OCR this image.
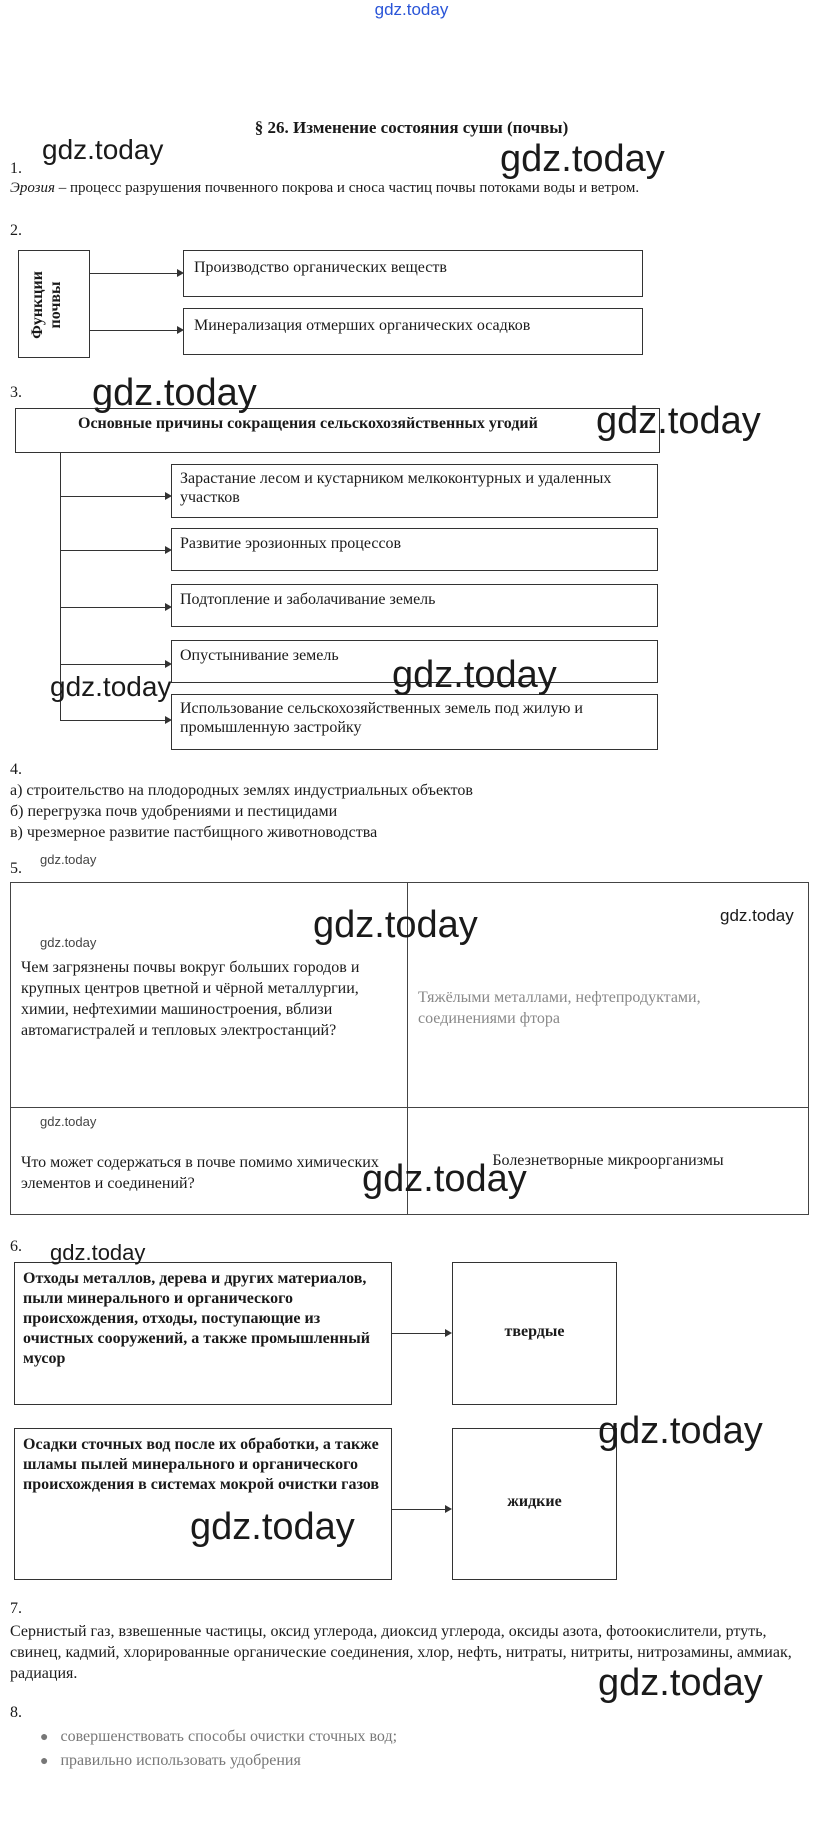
gdz.today
§ 26. Изменение состояния суши (почвы)
1.
Эрозия – процесс разрушения почвенного покрова и сноса частиц почвы потоками воды и ветром.
2.
Функции почвы
Производство органических веществ
Минерализация отмерших органических осадков
3.
Основные причины сокращения сельскохозяйственных угодий
Зарастание лесом и кустарником мелкоконтурных и удаленных участков
Развитие эрозионных процессов
Подтопление и заболачивание земель
Опустынивание земель
Использование сельскохозяйственных земель под жилую и промышленную застройку
4.
а) строительство на плодородных землях индустриальных объектов
б) перегрузка почв удобрениями и пестицидами
в) чрезмерное развитие пастбищного животноводства
5.
Чем загрязнены почвы вокруг больших городов и крупных центров цветной и чёрной металлургии, химии, нефтехимии машиностроения, вблизи автомагистралей и тепловых электростанций?
Тяжёлыми металлами, нефтепродуктами, соединениями фтора
Что может содержаться в почве помимо химических элементов и соединений?
Болезнетворные микроорганизмы
6.
Отходы металлов, дерева и других материалов, пыли минерального и органического происхождения, отходы, поступающие из очистных сооружений, а также промышленный мусор
твердые
Осадки сточных вод после их обработки, а также шламы пылей минерального и органического происхождения в системах мокрой очистки газов
жидкие
7.
Сернистый газ, взвешенные частицы, оксид углерода, диоксид углерода, оксиды азота, фотоокислители, ртуть, свинец, кадмий, хлорированные органические соединения, хлор, нефть, нитраты, нитриты, нитрозамины, аммиак, радиация.
8.
● совершенствовать способы очистки сточных вод;
● правильно использовать удобрения
gdz.today	gdz.today
gdz.today
gdz.today
gdz.today
gdz.today
gdz.today
gdz.today
gdz.today
gdz.today
gdz.today
gdz.today
gdz.today
gdz.today
gdz.today
gdz.today
